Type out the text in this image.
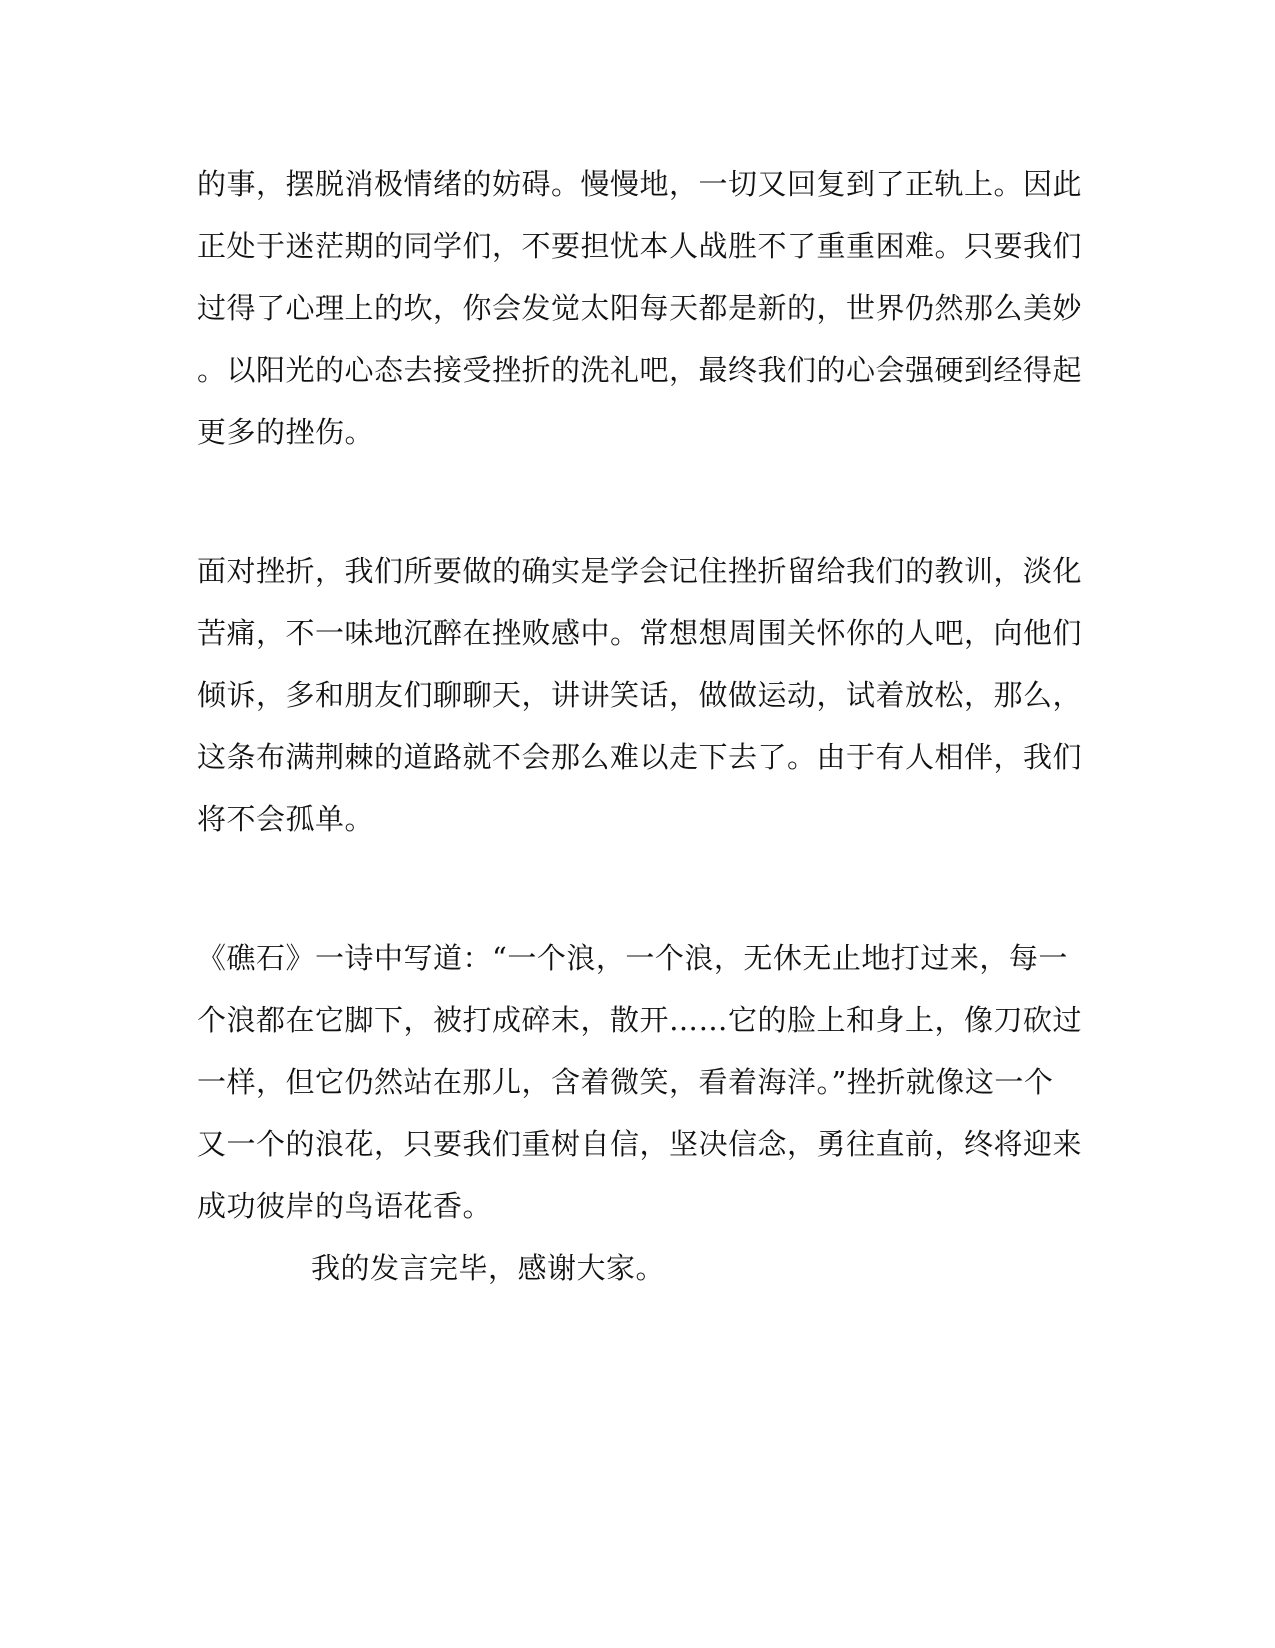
的事，摆脱消极情绪的妨碍。慢慢地，一切又回复到了正轨上。因此
正处于迷茫期的同学们，不要担忧本人战胜不了重重困难。只要我们
过得了心理上的坎，你会发觉太阳每天都是新的，世界仍然那么美妙
。以阳光的心态去接受挫折的洗礼吧，最终我们的心会强硬到经得起
更多的挫伤。
面对挫折，我们所要做的确实是学会记住挫折留给我们的教训，淡化
苦痛，不一味地沉醉在挫败感中。常想想周围关怀你的人吧，向他们
倾诉，多和朋友们聊聊天，讲讲笑话，做做运动，试着放松，那么，
这条布满荆棘的道路就不会那么难以走下去了。由于有人相伴，我们
将不会孤单。
《礁石》一诗中写道：“一个浪，一个浪，无休无止地打过来，每一
个浪都在它脚下，被打成碎末，散开……它的脸上和身上，像刀砍过
一样，但它仍然站在那儿，含着微笑，看着海洋。”挫折就像这一个
又一个的浪花，只要我们重树自信，坚决信念，勇往直前，终将迎来
成功彼岸的鸟语花香。
我的发言完毕，感谢大家。
